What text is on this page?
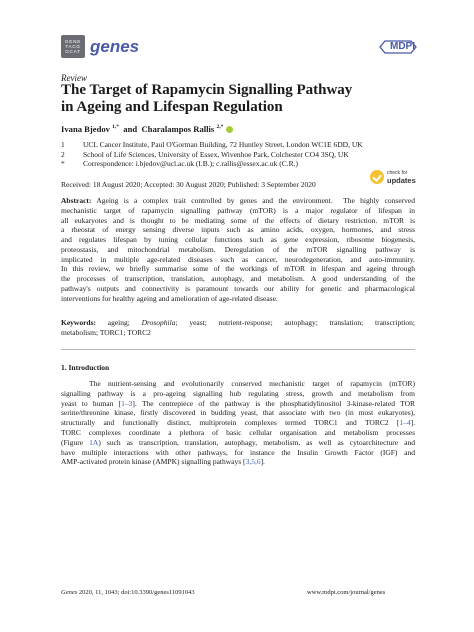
GENE
TACG
GCAT genes	MDPI
Review
The Target of Rapamycin Signalling Pathway
in Ageing and Lifespan Regulation
Ivana Bjedov $^{1,*}$  and  Charalampos Rallis $^{2,*}$
1	UCL Cancer Institute, Paul O'Gorman Building, 72 Huntley Street, London WC1E 6DD, UK
2	School of Life Sciences, University of Essex, Wivenhoe Park, Colchester CO4 3SQ, UK
*	Correspondence: i.bjedov@ucl.ac.uk (I.B.); c.rallis@essex.ac.uk (C.R.)
Received: 18 August 2020; Accepted: 30 August 2020; Published: 3 September 2020
check for
updates
Abstract: Ageing is a complex trait controlled by genes and the environment.  The highly conserved
mechanistic target of rapamycin signalling pathway (mTOR) is a major regulator of lifespan in
all eukaryotes and is thought to be mediating some of the effects of dietary restriction. mTOR is
a rheostat of energy sensing diverse inputs such as amino acids, oxygen, hormones, and stress
and regulates lifespan by tuning cellular functions such as gene expression, ribosome biogenesis,
proteostasis, and mitochondrial metabolism. Deregulation of the mTOR signalling pathway is
implicated in multiple age-related diseases such as cancer, neurodegeneration, and auto-immunity.
In this review, we briefly summarise some of the workings of mTOR in lifespan and ageing through
the processes of transcription, translation, autophagy, and metabolism. A good understanding of the
pathway's outputs and connectivity is paramount towards our ability for genetic and pharmacological
interventions for healthy ageing and amelioration of age-related disease.
Keywords: ageing; Drosophila; yeast; nutrient-response; autophagy; translation; transcription;
metabolism; TORC1; TORC2
1. Introduction
The nutrient-sensing and evolutionarily conserved mechanistic target of rapamycin (mTOR)
signalling pathway is a pro-ageing signalling hub regulating stress, growth and metabolism from
yeast to human [1–3]. The centrepiece of the pathway is the phosphatidylinositol 3-kinase-related TOR
serine/threonine kinase, firstly discovered in budding yeast, that associate with two (in most eukaryotes),
structurally and functionally distinct, multiprotein complexes termed TORC1 and TORC2 [1–4].
TORC complexes coordinate a plethora of basic cellular organisation and metabolism processes
(Figure 1A) such as transcription, translation, autophagy, metabolism, as well as cytoarchitecture and
have multiple interactions with other pathways, for instance the Insulin Growth Factor (IGF) and
AMP-activated protein kinase (AMPK) signalling pathways [3,5,6].
Genes 2020, 11, 1043; doi:10.3390/genes11091043	www.mdpi.com/journal/genes
